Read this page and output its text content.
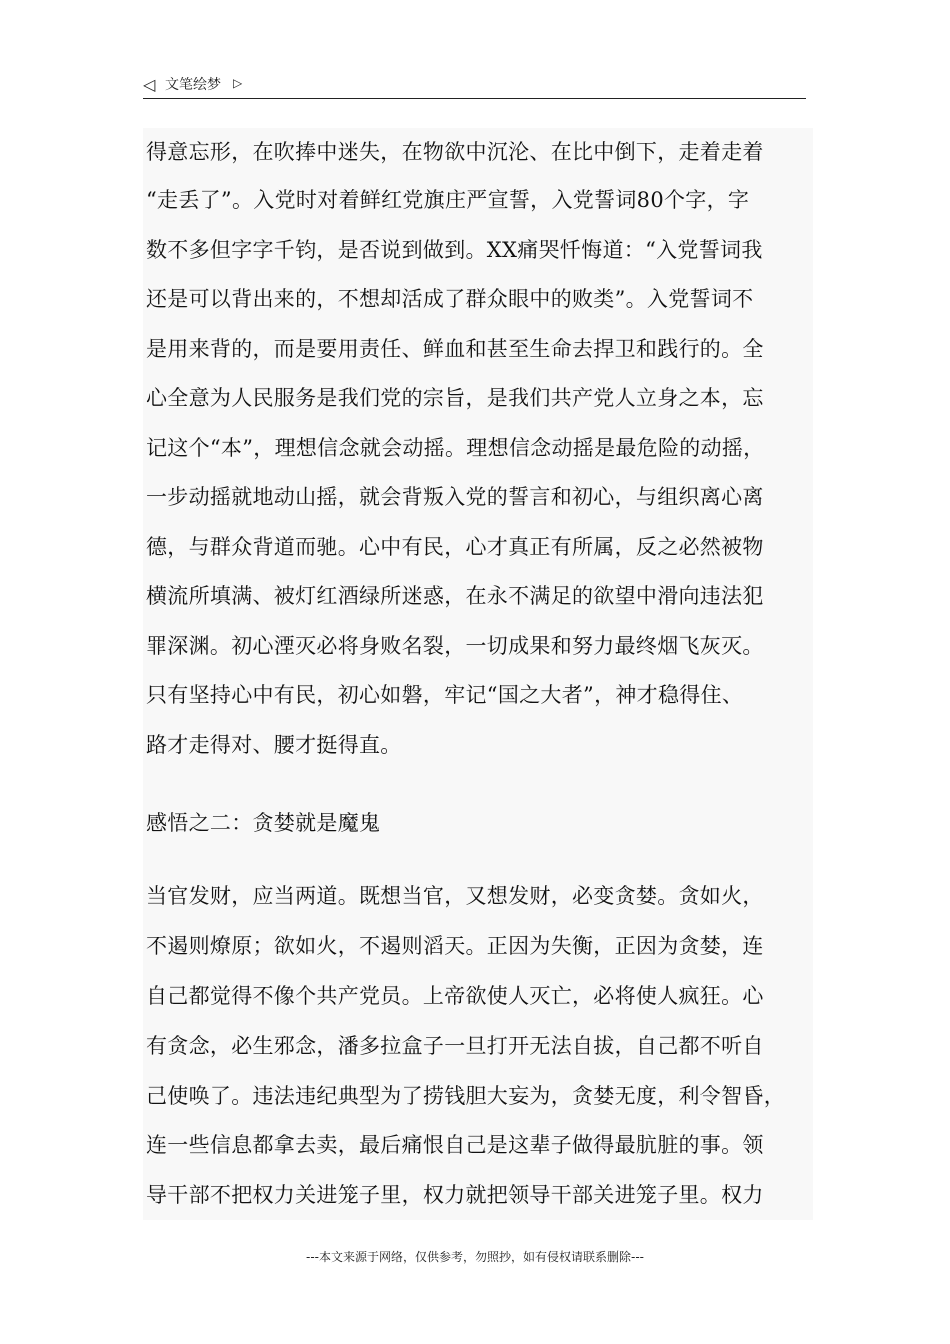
◁ 文笔绘梦 ▷
得意忘形，在吹捧中迷失，在物欲中沉沦、在比中倒下，走着走着
“走丢了”。入党时对着鲜红党旗庄严宣誓，入党誓词80个字，字
数不多但字字千钧，是否说到做到。XX痛哭忏悔道：“入党誓词我
还是可以背出来的，不想却活成了群众眼中的败类”。入党誓词不
是用来背的，而是要用责任、鲜血和甚至生命去捍卫和践行的。全
心全意为人民服务是我们党的宗旨，是我们共产党人立身之本，忘
记这个“本”，理想信念就会动摇。理想信念动摇是最危险的动摇，
一步动摇就地动山摇，就会背叛入党的誓言和初心，与组织离心离
德，与群众背道而驰。心中有民，心才真正有所属，反之必然被物
横流所填满、被灯红酒绿所迷惑，在永不满足的欲望中滑向违法犯
罪深渊。初心湮灭必将身败名裂，一切成果和努力最终烟飞灰灭。
只有坚持心中有民，初心如磐，牢记“国之大者”，神才稳得住、
路才走得对、腰才挺得直。
感悟之二：贪婪就是魔鬼
当官发财，应当两道。既想当官，又想发财，必变贪婪。贪如火，
不遏则燎原；欲如火，不遏则滔天。正因为失衡，正因为贪婪，连
自己都觉得不像个共产党员。上帝欲使人灭亡，必将使人疯狂。心
有贪念，必生邪念，潘多拉盒子一旦打开无法自拔，自己都不听自
己使唤了。违法违纪典型为了捞钱胆大妄为，贪婪无度，利令智昏，
连一些信息都拿去卖，最后痛恨自己是这辈子做得最肮脏的事。领
导干部不把权力关进笼子里，权力就把领导干部关进笼子里。权力
---本文来源于网络，仅供参考，勿照抄，如有侵权请联系删除---
